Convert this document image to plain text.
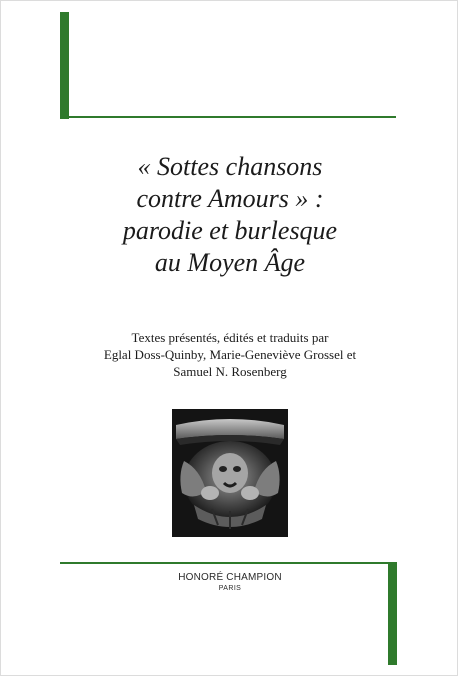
« Sottes chansons
contre Amours » :
parodie et burlesque
au Moyen Âge
Textes présentés, édités et traduits par
Eglal Doss-Quinby, Marie-Geneviève Grossel et
Samuel N. Rosenberg
HONORÉ CHAMPION
PARIS
